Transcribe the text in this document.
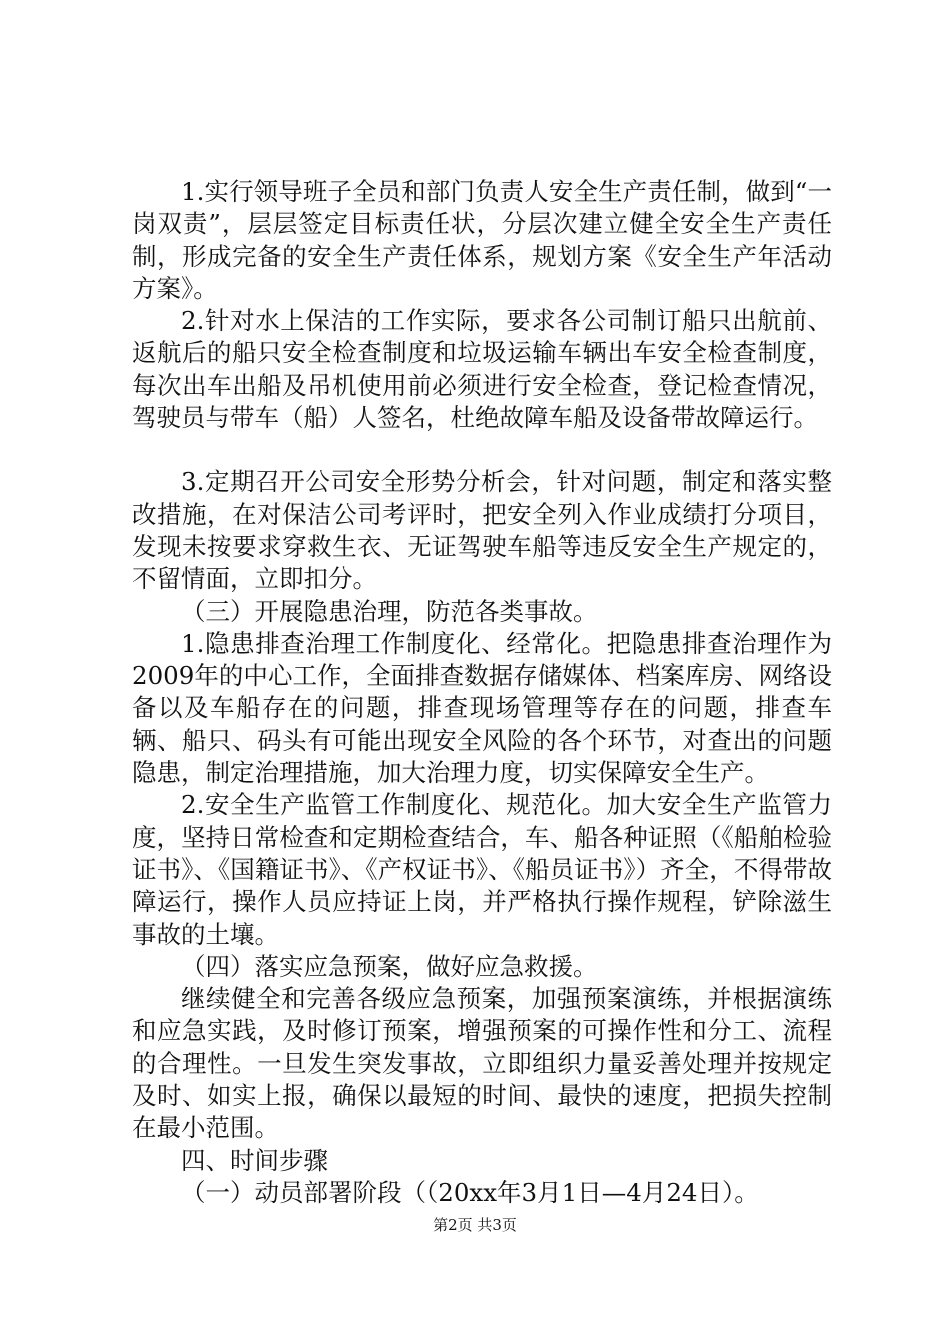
1.实行领导班子全员和部门负责人安全生产责任制，做到“一岗双责”，层层签定目标责任状，分层次建立健全安全生产责任制，形成完备的安全生产责任体系，规划方案《安全生产年活动方案》。

2.针对水上保洁的工作实际，要求各公司制订船只出航前、返航后的船只安全检查制度和垃圾运输车辆出车安全检查制度，每次出车出船及吊机使用前必须进行安全检查，登记检查情况，驾驶员与带车（船）人签名，杜绝故障车船及设备带故障运行。

3.定期召开公司安全形势分析会，针对问题，制定和落实整改措施，在对保洁公司考评时，把安全列入作业成绩打分项目，发现未按要求穿救生衣、无证驾驶车船等违反安全生产规定的，不留情面，立即扣分。

（三）开展隐患治理，防范各类事故。

1.隐患排查治理工作制度化、经常化。把隐患排查治理作为2009年的中心工作，全面排查数据存储媒体、档案库房、网络设备以及车船存在的问题，排查现场管理等存在的问题，排查车辆、船只、码头有可能出现安全风险的各个环节，对查出的问题隐患，制定治理措施，加大治理力度，切实保障安全生产。

2.安全生产监管工作制度化、规范化。加大安全生产监管力度，坚持日常检查和定期检查结合，车、船各种证照（《船舶检验证书》、《国籍证书》、《产权证书》、《船员证书》）齐全，不得带故障运行，操作人员应持证上岗，并严格执行操作规程，铲除滋生事故的土壤。

（四）落实应急预案，做好应急救援。

继续健全和完善各级应急预案，加强预案演练，并根据演练和应急实践，及时修订预案，增强预案的可操作性和分工、流程的合理性。一旦发生突发事故，立即组织力量妥善处理并按规定及时、如实上报，确保以最短的时间、最快的速度，把损失控制在最小范围。

四、时间步骤

（一）动员部署阶段（（20xx年3月1日—4月24日）。

第2页 共3页
